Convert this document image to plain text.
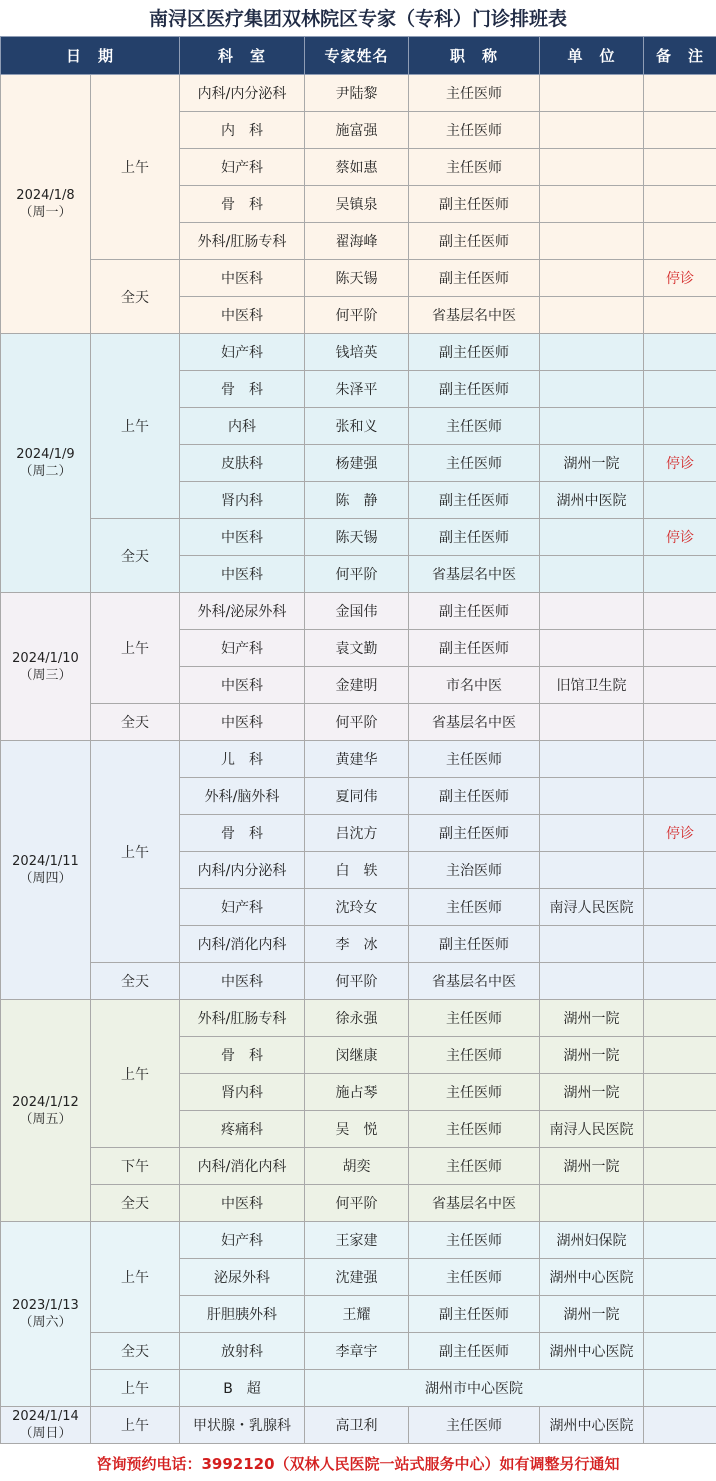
南浔区医疗集团双林院区专家（专科）门诊排班表
日　期		科　室	专家姓名	职　称	单　位	备　注

2024/1/8
（周一）	上午	内科/内分泌科	尹陆黎	主任医师		
		内　科	施富强	主任医师		
		妇产科	蔡如惠	主任医师		
		骨　科	吴镇泉	副主任医师		
		外科/肛肠专科	翟海峰	副主任医师		
	全天	中医科	陈天锡	副主任医师		停诊
		中医科	何平阶	省基层名中医		

2024/1/9
（周二）	上午	妇产科	钱培英	副主任医师		
		骨　科	朱泽平	副主任医师		
		内科	张和义	主任医师		
		皮肤科	杨建强	主任医师	湖州一院	停诊
		肾内科	陈　静	副主任医师	湖州中医院	
	全天	中医科	陈天锡	副主任医师		停诊
		中医科	何平阶	省基层名中医		

2024/1/10
（周三）	上午	外科/泌尿外科	金国伟	副主任医师		
		妇产科	袁文勤	副主任医师		
		中医科	金建明	市名中医	旧馆卫生院	
	全天	中医科	何平阶	省基层名中医		

2024/1/11
（周四）	上午	儿　科	黄建华	主任医师		
		外科/脑外科	夏同伟	副主任医师		
		骨　科	吕沈方	副主任医师		停诊
		内科/内分泌科	白　轶	主治医师		
		妇产科	沈玲女	主任医师	南浔人民医院	
		内科/消化内科	李　冰	副主任医师		
	全天	中医科	何平阶	省基层名中医		

2024/1/12
（周五）	上午	外科/肛肠专科	徐永强	主任医师	湖州一院	
		骨　科	闵继康	主任医师	湖州一院	
		肾内科	施占琴	主任医师	湖州一院	
		疼痛科	吴　悦	主任医师	南浔人民医院	
	下午	内科/消化内科	胡奕	主任医师	湖州一院	
	全天	中医科	何平阶	省基层名中医		

2023/1/13
（周六）	上午	妇产科	王家建	主任医师	湖州妇保院	
		泌尿外科	沈建强	主任医师	湖州中心医院	
		肝胆胰外科	王耀	副主任医师	湖州一院	
	全天	放射科	李章宇	副主任医师	湖州中心医院	
	上午	B　超	湖州市中心医院			

2024/1/14
（周日）	上午	甲状腺・乳腺科	高卫利	主任医师	湖州中心医院	
咨询预约电话：3992120（双林人民医院一站式服务中心）如有调整另行通知
